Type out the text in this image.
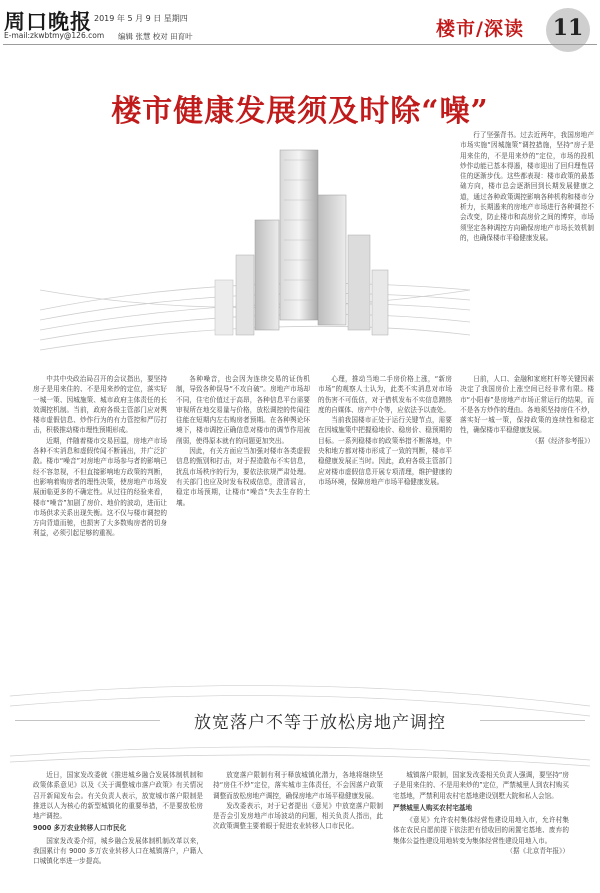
周口晚报 2019 年 5 月 9 日 星期四
E-mail:zkwbtmy@126.com 编辑 张慧 校对 田育叶	楼市/深读	11
楼市健康发展须及时除“噪”

行了坚强背书。过去近两年，我国房地产市场实施“因城施策”调控措施，坚持“房子是用来住的，不是用来炒的”定位，市场的投机炒作动能已基本得遏，楼市迎出了回归理性居住的逐渐步伐。这些都表现：楼市政策的最基础方向，楼市总会逐渐回到长期发展健康之道，通过各种政策调控影响各种机构和楼市分析力，长期遏来的房地产市场进行各种调控不会改变，防止楼市和高房价之间的博弈，市场须坚定各种调控方向确保房地产市场长效机制的，也确保楼市平稳健康发展。

中共中央政治局召开的会议指出，要坚持房子是用来住的、不是用来炒的定位，落实好一城一策、因城施策、城市政府主体责任的长效调控机制。当前，政府各级主管部门应对舆楼市虚假信息、炒作行为的有力管控和严厉打击，积极推动楼市理性预期形成。

近期，伴随着楼市交易回温，房地产市场各种不实消息和虚假传闻不断涌出，并广泛扩散。楼市“噪音”对房地产市场参与者的影响已经不容忽视，不但直接影响地方政策的判断，也影响着购房者的理性决策，使房地产市场发展面临更多的不确定性。从过往的经验来看，楼市“噪音”加剧了房价、地价的波动，进而让市场供求关系出现失衡。这不仅与楼市调控的方向背道而驰，也损害了大多数购房者的切身利益，必须引起足够的重视。

各种噪音，也会因为连续交易的证伪机制，导致各种误导“不攻自破”。房地产市场却不同，住宅价值过于高昂，各种信息平台需要审视所在地交易量与价格，放松调控的传闻往往能在短期内左右购房者预期。在各种舆论环境下，楼市调控正确信息对楼市的调节作用被削弱，使得原本就有的问题更加突出。

因此，有关方面应当加强对楼市各类虚假信息的甄别和打击，对于捏造散布不实信息，扰乱市场秩序的行为，要依法依规严肃处理。有关部门也应及时发布权威信息，澄清谣言，稳定市场预期，让楼市“噪音”失去生存的土壤。

心理，推动当地二手房价格上涨，“新房市场”的观察人士认为，此类不实消息对市场的伤害不可低估，对于借机发布不实信息蹭热度的自媒体、房产中介等，应依法予以查处。

当前我国楼市正处于运行关键节点，需要在因城施策中把握稳地价、稳房价、稳预期的目标。一系列稳楼市的政策举措不断落地，中央和地方都对楼市形成了一致的判断，楼市平稳健康发展正当时。因此，政府各级主管部门应对楼市虚假信息开展专项清理，维护健康的市场环境，保障房地产市场平稳健康发展。

日前，人口、金融和家庭杠杆等关键因素决定了我国房价上涨空间已经非常有限。楼市“小阳春”是房地产市场正常运行的结果，而不是各方炒作的理由。各地须坚持房住不炒，落实好一城一策，保持政策的连续性和稳定性，确保楼市平稳健康发展。

（据《经济参考报》）

放宽落户不等于放松房地产调控

近日，国家发改委就《推进城乡融合发展体制机制和政策体系意见》以及《关于调整城市落户政策》有关情况召开新闻发布会。有关负责人表示，放宽城市落户限制是推进以人为核心的新型城镇化的重要举措，不是要放松房地产调控。

9000 多万农业转移人口市民化

国家发改委介绍，城乡融合发展体制机制改革以来，我国累计有 9000 多万农业转移人口在城镇落户，户籍人口城镇化率进一步提高。

放宽落户限制有利于释放城镇化潜力，各地将继续坚持“房住不炒”定位，落实城市主体责任，不会因落户政策调整而放松房地产调控，确保房地产市场平稳健康发展。

发改委表示，对于记者提出《意见》中放宽落户限制是否会引发房地产市场波动的问题，相关负责人指出，此次政策调整主要着眼于促进农业转移人口市民化。

城镇落户限制，国家发改委相关负责人强调，要坚持“房子是用来住的、不是用来炒的”定位，严禁城里人到农村购买宅基地，严禁利用农村宅基地建设别墅大院和私人会馆。

严禁城里人购买农村宅基地

《意见》允许农村集体经营性建设用地入市，允许村集体在农民自愿前提下依法把有偿收回的闲置宅基地、废弃的集体公益性建设用地转变为集体经营性建设用地入市。

（据《北京青年报》）
